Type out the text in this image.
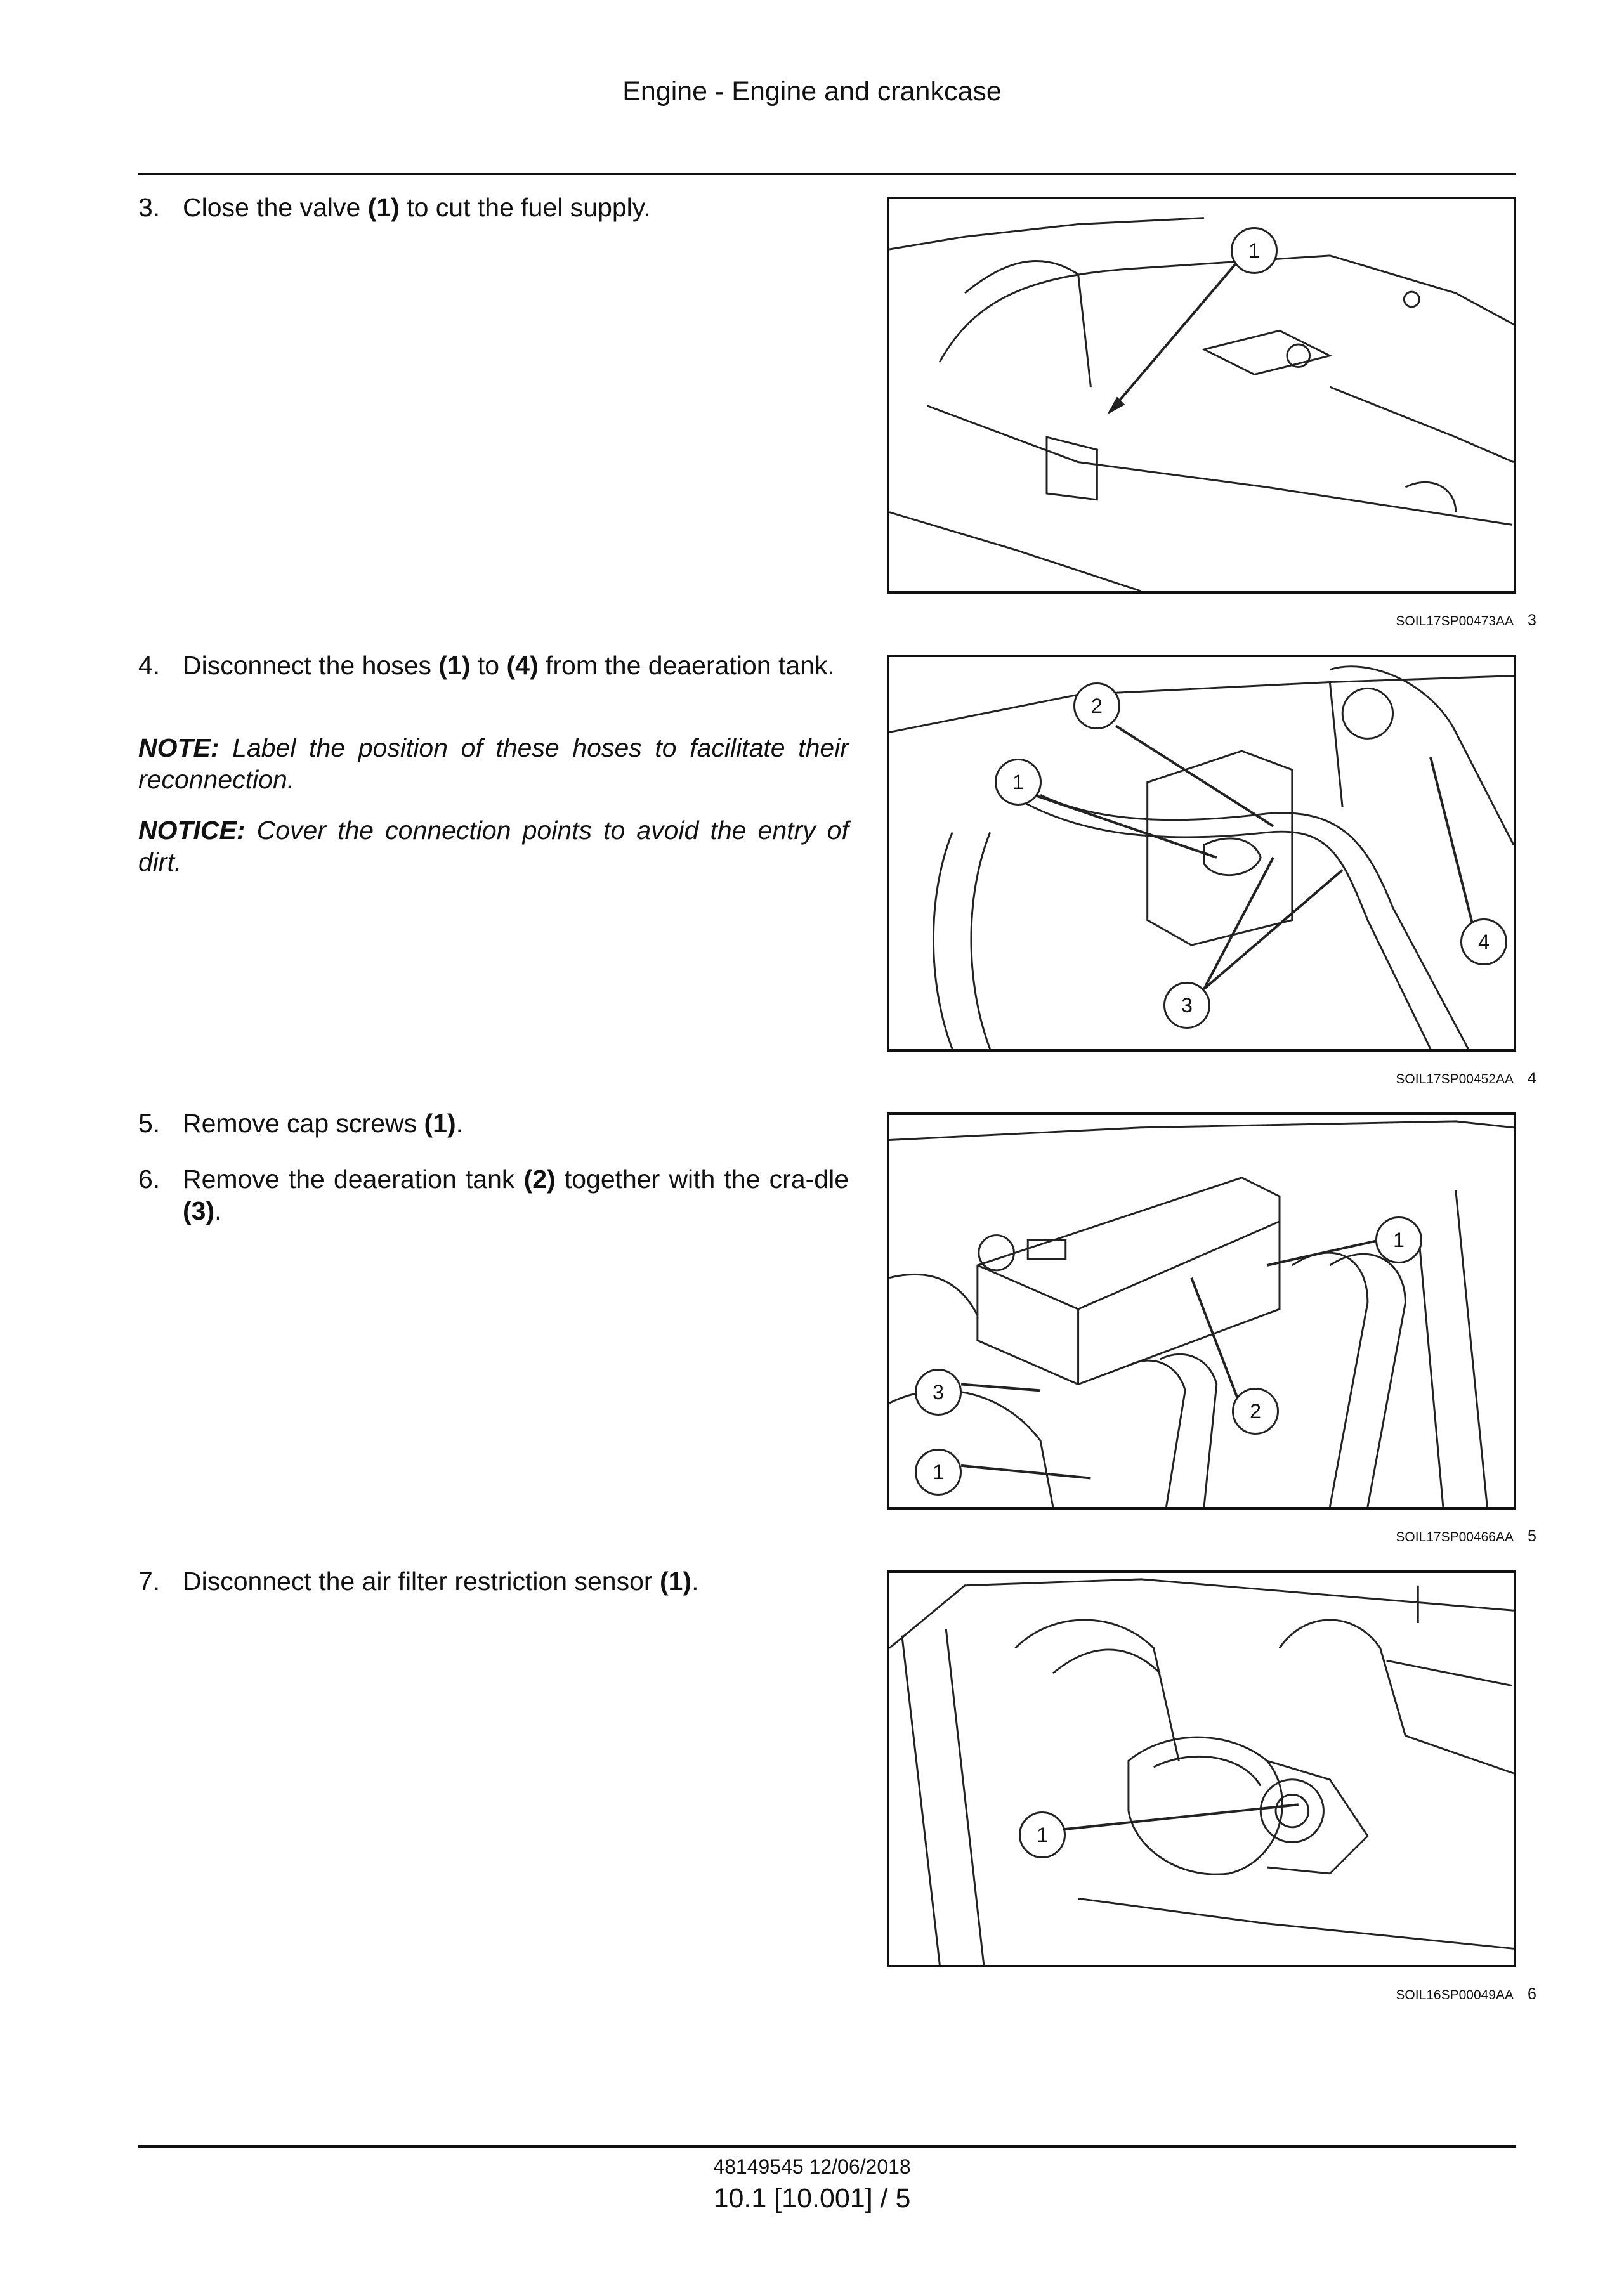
Engine - Engine and crankcase
3. Close the valve (1) to cut the fuel supply.
1
SOIL17SP00473AA 3
4. Disconnect the hoses (1) to (4) from the deaeration tank.
NOTE: Label the position of these hoses to facilitate their reconnection.
NOTICE: Cover the connection points to avoid the entry of dirt.
1
2
3
4
SOIL17SP00452AA 4
5. Remove cap screws (1).
6. Remove the deaeration tank (2) together with the cra-dle (3).
1
2
3
1
SOIL17SP00466AA 5
7. Disconnect the air filter restriction sensor (1).
1
SOIL16SP00049AA 6
48149545 12/06/2018
10.1 [10.001] / 5
